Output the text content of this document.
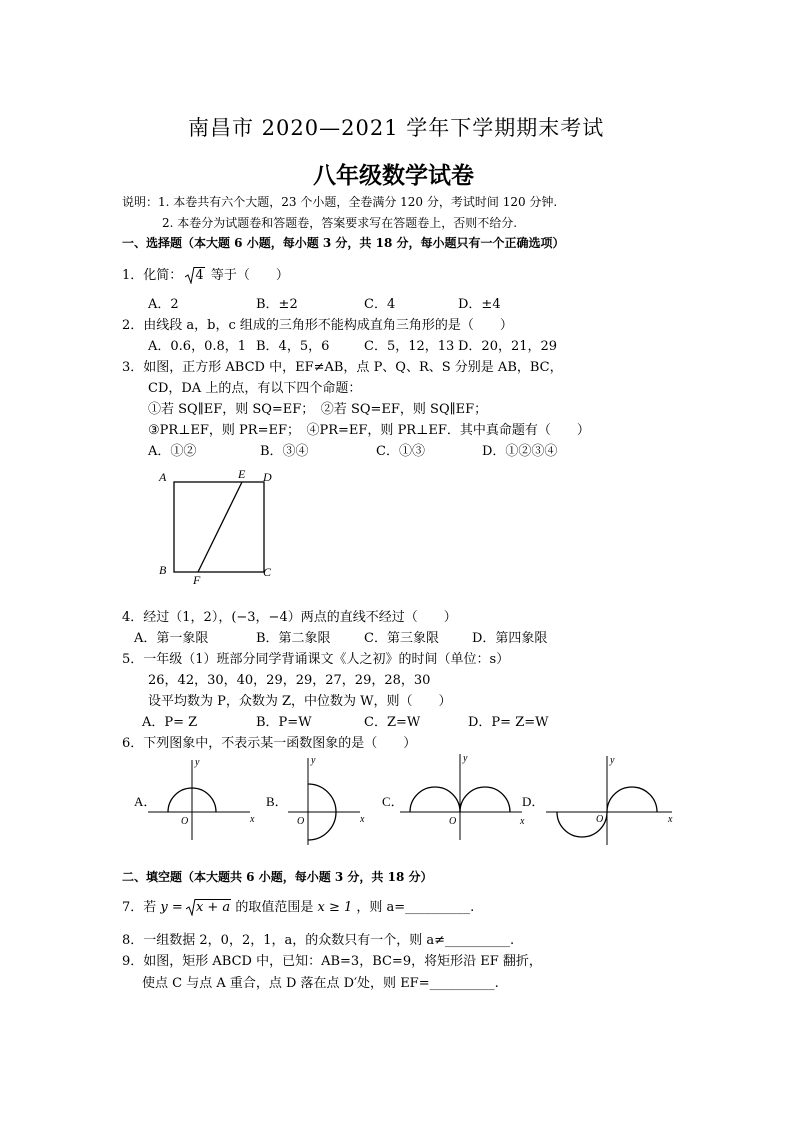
南昌市 2020—2021 学年下学期期末考试
八年级数学试卷
说明：1. 本卷共有六个大题，23 个小题，全卷满分 120 分，考试时间 120 分钟.
2. 本卷分为试题卷和答题卷，答案要求写在答题卷上，否则不给分.
一、选择题（本大题 6 小题，每小题 3 分，共 18 分，每小题只有一个正确选项）
1．化简： 4 等于（　　）
A．2	B．±2	C．4	D．±4
2．由线段 a，b，c 组成的三角形不能构成直角三角形的是（　　）
A．0.6，0.8，1 B．4，5，6	C．5，12，13 D．20，21，29
3．如图，正方形 ABCD 中，EF≠AB，点 P、Q、R、S 分别是 AB，BC，
CD，DA 上的点，有以下四个命题：
①若 SQ∥EF，则 SQ=EF；　②若 SQ=EF，则 SQ∥EF；
③PR⊥EF，则 PR=EF；　④PR=EF，则 PR⊥EF．其中真命题有（　　）
A．①②	B．③④	C．①③	D．①②③④
A	D
E
B	C
F
4．经过（1，2），(−3，−4）两点的直线不经过（　　）
A．第一象限	B．第二象限	C．第三象限	D．第四象限
5．一年级（1）班部分同学背诵课文《人之初》的时间（单位：s）
26，42，30，40，29，29，27，29，28，30
设平均数为 P，众数为 Z，中位数为 W，则（　　）
A．P= Z	B．P=W	C．Z=W	D．P= Z=W
6．下列图象中，不表示某一函数图象的是（　　）
A．
y
x
O
B．
y
x
O
C．
y
x
O
D．
y
x
O
二、填空题（本大题共 6 小题，每小题 3 分，共 18 分）
7．若 y = x + a 的取值范围是 x ≥ 1 ，则 a=__________.
8．一组数据 2，0，2，1，a，的众数只有一个，则 a≠__________.
9．如图，矩形 ABCD 中，已知：AB=3，BC=9，将矩形沿 EF 翻折，
使点 C 与点 A 重合，点 D 落在点 D′处，则 EF=__________.
